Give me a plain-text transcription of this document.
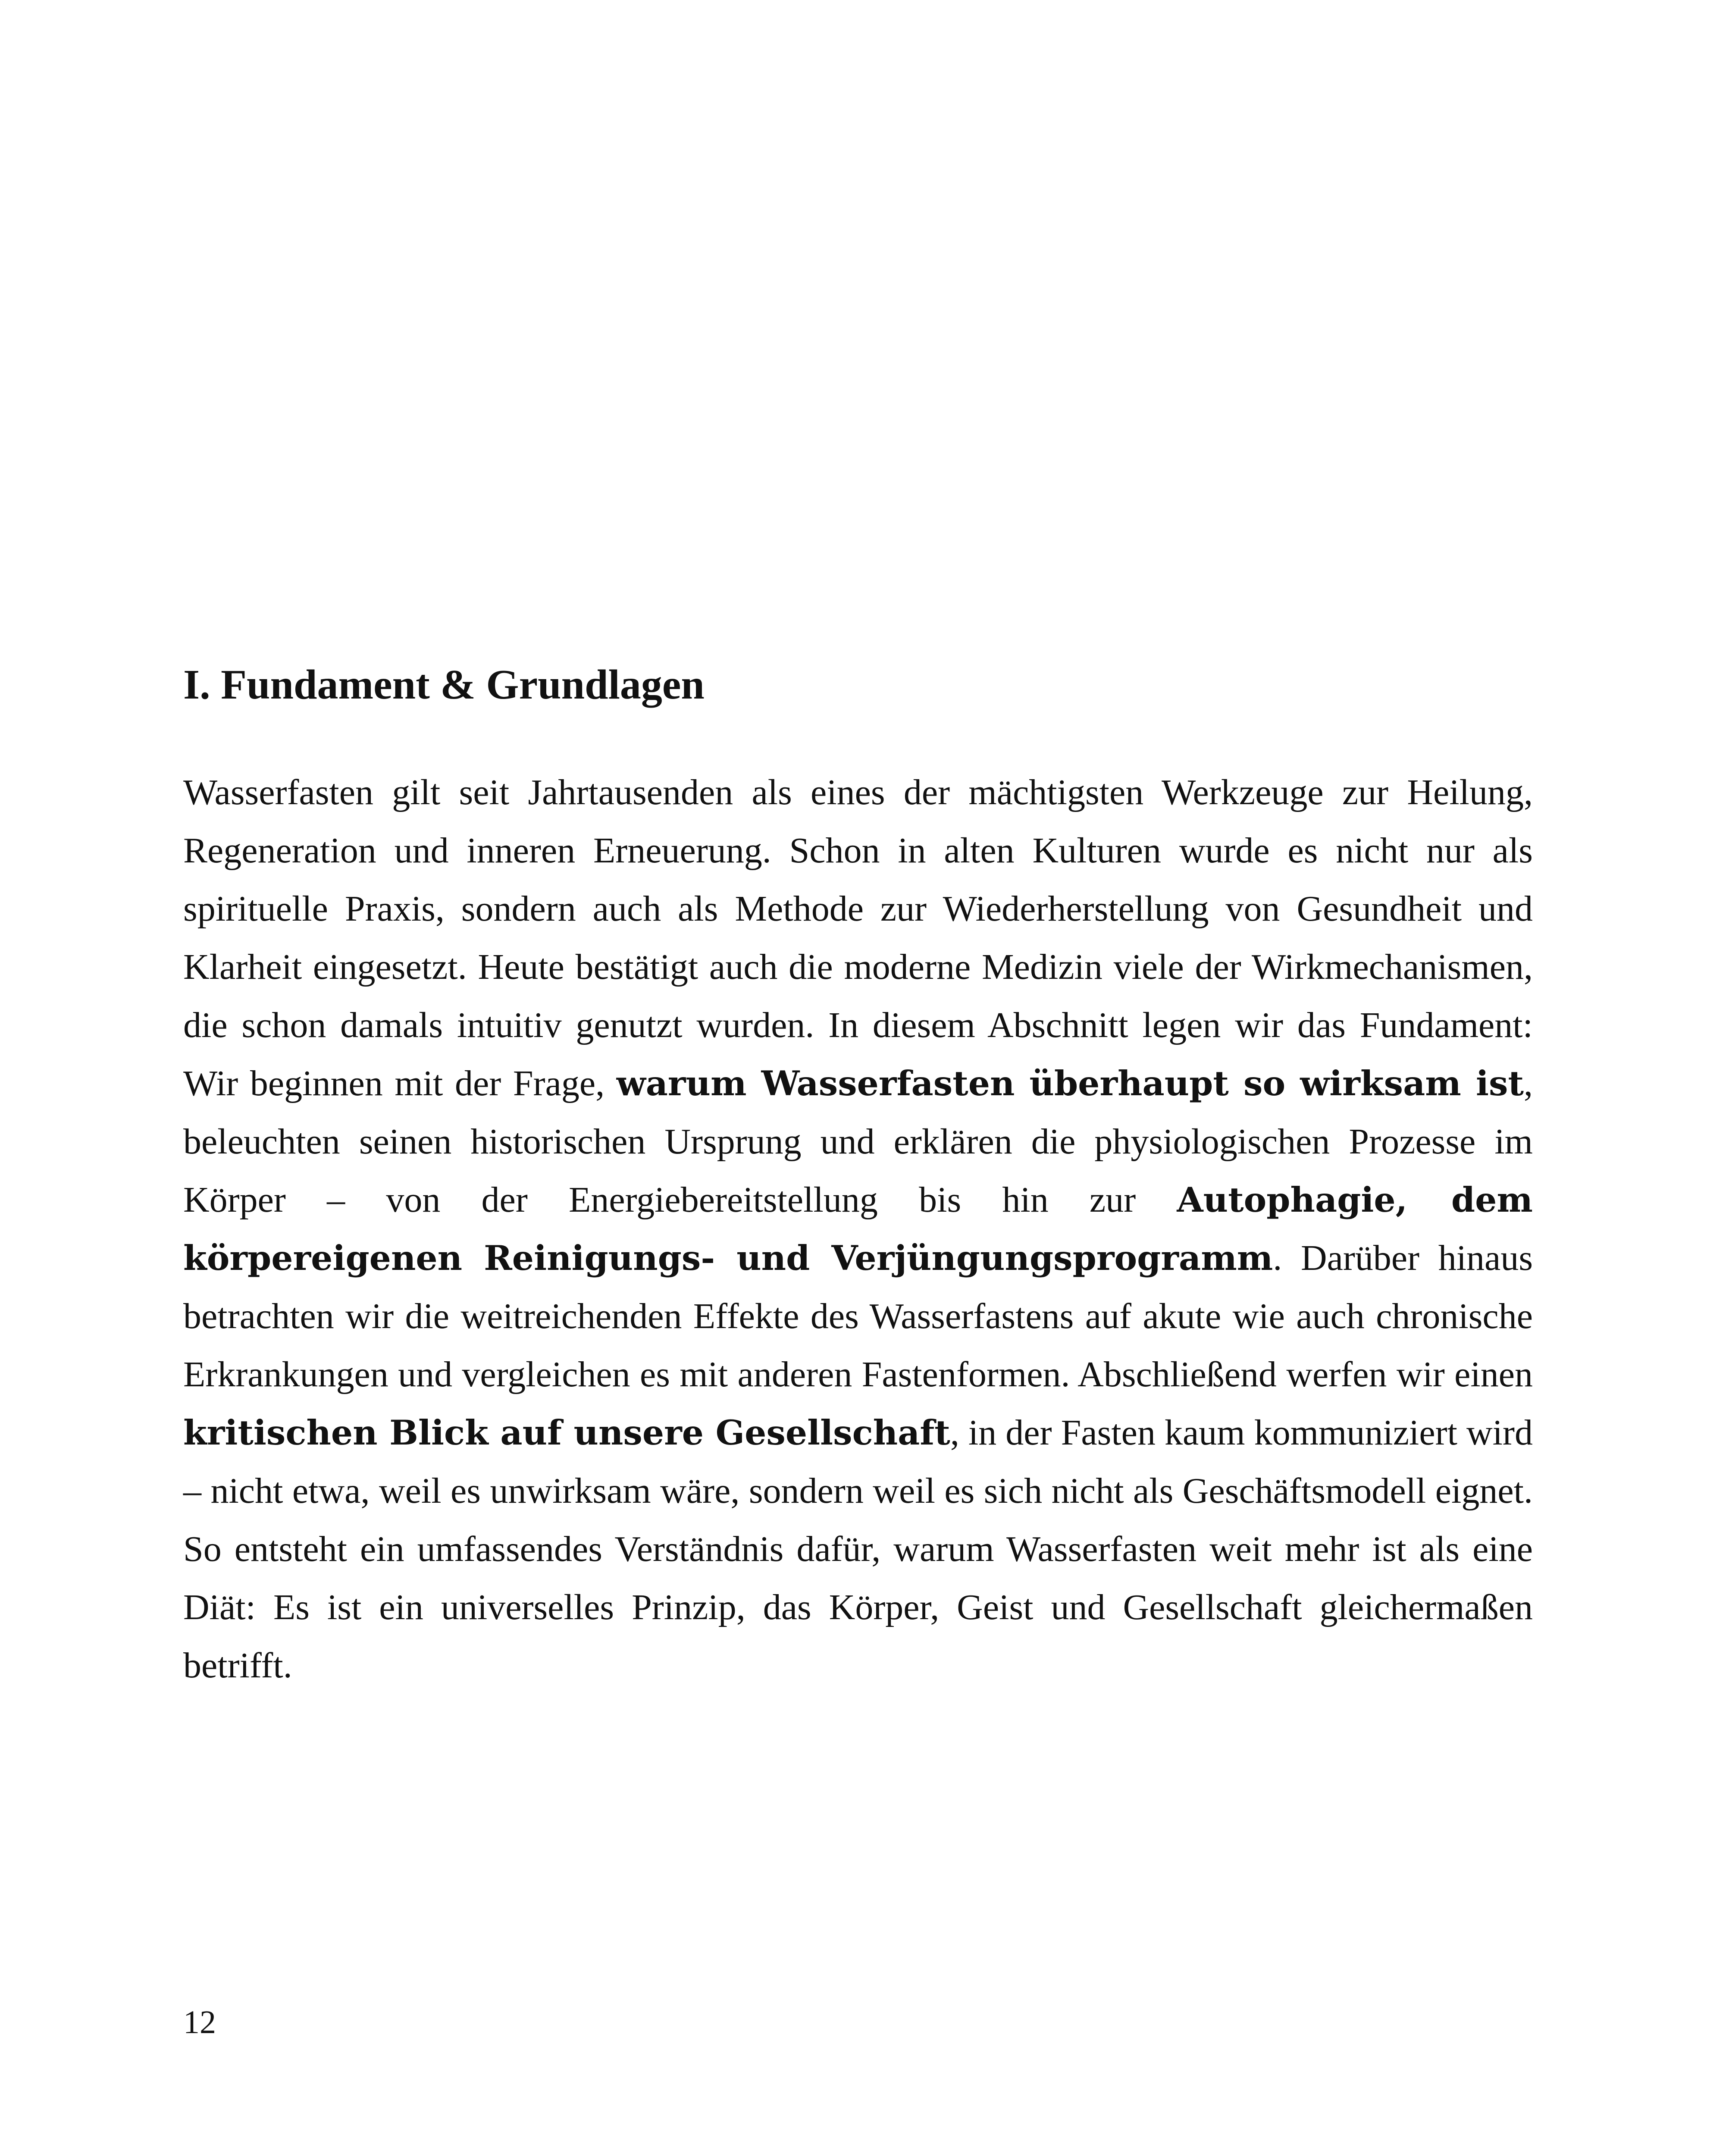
I. Fundament & Grundlagen

Wasserfasten gilt seit Jahrtausenden als eines der mächtigsten Werkzeuge zur Heilung, Regeneration und inneren Erneuerung. Schon in alten Kulturen wurde es nicht nur als spirituelle Praxis, sondern auch als Methode zur Wiederherstellung von Gesundheit und Klarheit eingesetzt. Heute bestätigt auch die moderne Medizin viele der Wirkmechanismen, die schon damals intuitiv genutzt wurden. In diesem Abschnitt legen wir das Fundament: Wir beginnen mit der Frage, warum Wasserfasten überhaupt so wirksam ist, beleuchten seinen historischen Ursprung und erklären die physiologischen Prozesse im Körper – von der Energiebereitstellung bis hin zur Autophagie, dem körpereigenen Reinigungs- und Verjüngungsprogramm. Darüber hinaus betrachten wir die weitreichenden Effekte des Wasserfastens auf akute wie auch chronische Erkrankungen und vergleichen es mit anderen Fastenformen. Abschließend werfen wir einen kritischen Blick auf unsere Gesellschaft, in der Fasten kaum kommuniziert wird – nicht etwa, weil es unwirksam wäre, sondern weil es sich nicht als Geschäftsmodell eignet. So entsteht ein umfassendes Verständnis dafür, warum Wasserfasten weit mehr ist als eine Diät: Es ist ein universelles Prinzip, das Körper, Geist und Gesellschaft gleichermaßen betrifft.

12
